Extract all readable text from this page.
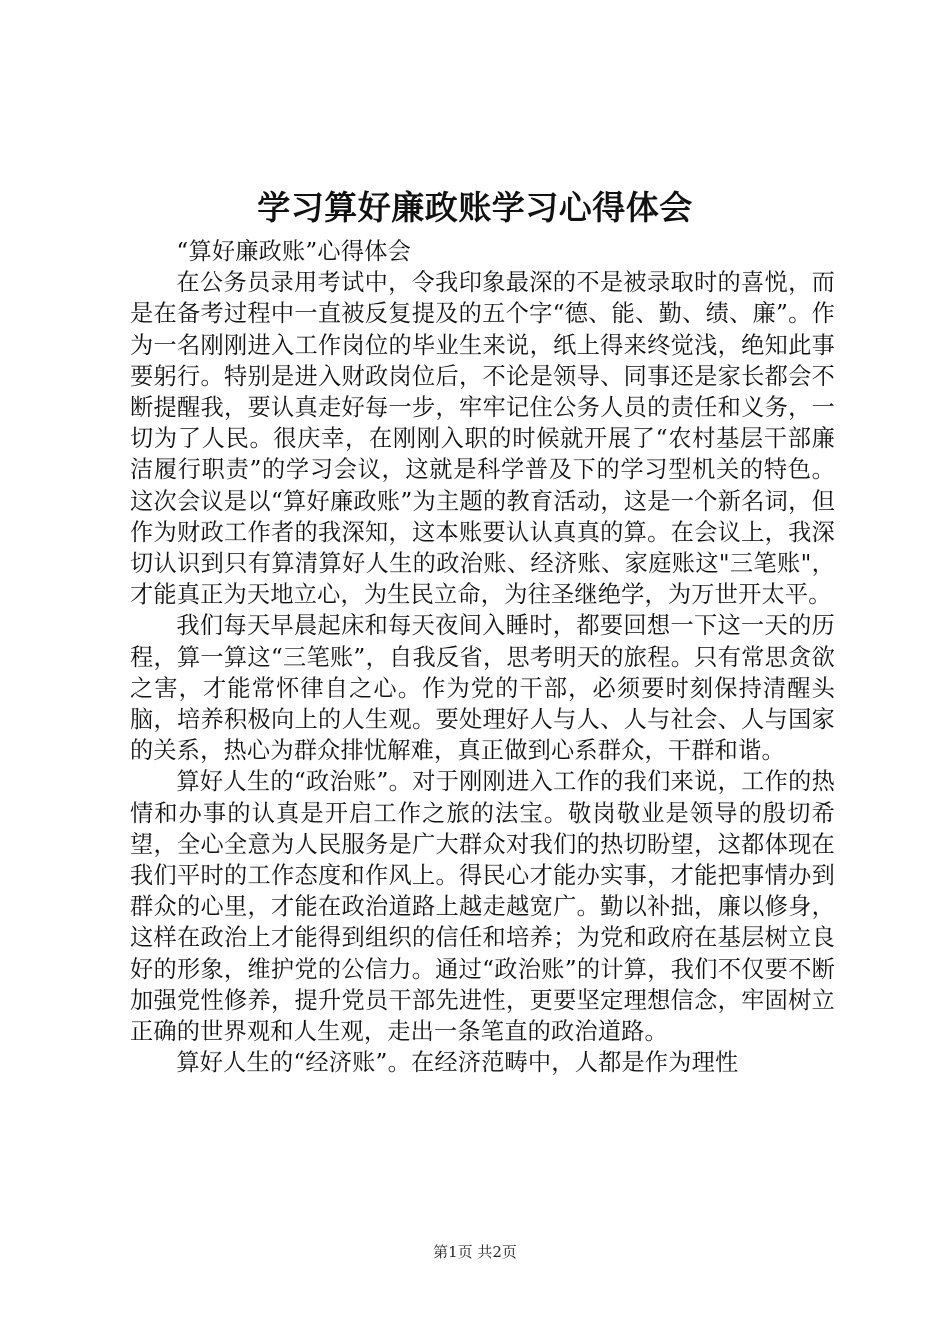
学习算好廉政账学习心得体会

“算好廉政账”心得体会

在公务员录用考试中，令我印象最深的不是被录取时的喜悦，而是在备考过程中一直被反复提及的五个字“德、能、勤、绩、廉”。作为一名刚刚进入工作岗位的毕业生来说，纸上得来终觉浅，绝知此事要躬行。特别是进入财政岗位后，不论是领导、同事还是家长都会不断提醒我，要认真走好每一步，牢牢记住公务人员的责任和义务，一切为了人民。很庆幸，在刚刚入职的时候就开展了“农村基层干部廉洁履行职责”的学习会议，这就是科学普及下的学习型机关的特色。这次会议是以“算好廉政账”为主题的教育活动，这是一个新名词，但作为财政工作者的我深知，这本账要认认真真的算。在会议上，我深切认识到只有算清算好人生的政治账、经济账、家庭账这"三笔账"，才能真正为天地立心，为生民立命，为往圣继绝学，为万世开太平。

我们每天早晨起床和每天夜间入睡时，都要回想一下这一天的历程，算一算这“三笔账”，自我反省，思考明天的旅程。只有常思贪欲之害，才能常怀律自之心。作为党的干部，必须要时刻保持清醒头脑，培养积极向上的人生观。要处理好人与人、人与社会、人与国家的关系，热心为群众排忧解难，真正做到心系群众，干群和谐。

算好人生的“政治账”。对于刚刚进入工作的我们来说，工作的热情和办事的认真是开启工作之旅的法宝。敬岗敬业是领导的殷切希望，全心全意为人民服务是广大群众对我们的热切盼望，这都体现在我们平时的工作态度和作风上。得民心才能办实事，才能把事情办到群众的心里，才能在政治道路上越走越宽广。勤以补拙，廉以修身，这样在政治上才能得到组织的信任和培养；为党和政府在基层树立良好的形象，维护党的公信力。通过“政治账”的计算，我们不仅要不断加强党性修养，提升党员干部先进性，更要坚定理想信念，牢固树立正确的世界观和人生观，走出一条笔直的政治道路。

算好人生的“经济账”。在经济范畴中，人都是作为理性

第1页 共2页
